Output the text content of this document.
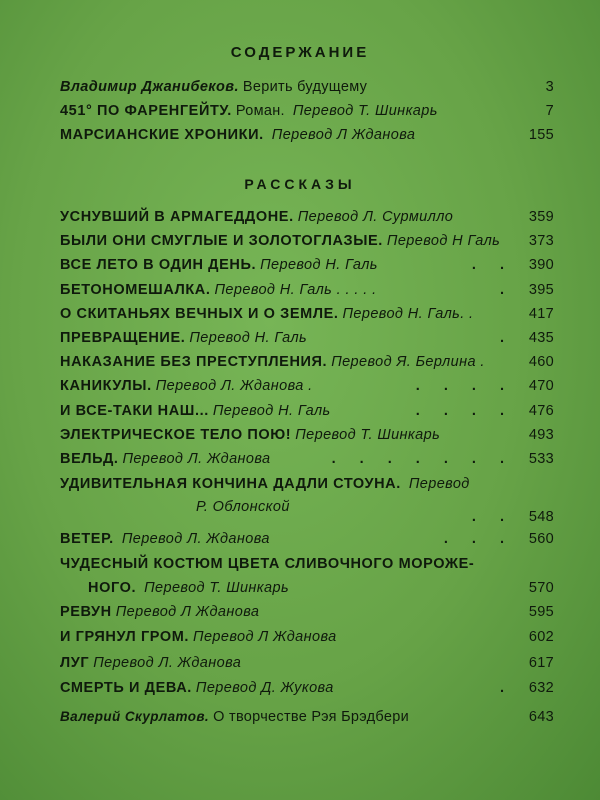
СОДЕРЖАНИЕ
Владимир Джанибеков. Верить будущему	3
451° ПО ФАРЕНГЕЙТУ. Роман. Перевод Т. Шинкарь	7
МАРСИАНСКИЕ ХРОНИКИ. Перевод Л Жданова	155
РАССКАЗЫ
УСНУВШИЙ В АРМАГЕДДОНЕ. Перевод Л. Сурмилло	359
БЫЛИ ОНИ СМУГЛЫЕ И ЗОЛОТОГЛАЗЫЕ. Перевод Н Галь 373
ВСЕ ЛЕТО В ОДИН ДЕНЬ. Перевод Н. Галь	. . 390
БЕТОНОМЕШАЛКА. Перевод Н. Галь . . . . .	. 395
О СКИТАНЬЯХ ВЕЧНЫХ И О ЗЕМЛЕ. Перевод Н. Галь. .	417
ПРЕВРАЩЕНИЕ. Перевод Н. Галь	. 435
НАКАЗАНИЕ БЕЗ ПРЕСТУПЛЕНИЯ. Перевод Я. Берлина .	460
КАНИКУЛЫ. Перевод Л. Жданова .	. . . . 470
И ВСЕ-ТАКИ НАШ... Перевод Н. Галь	. . . . 476
ЭЛЕКТРИЧЕСКОЕ ТЕЛО ПОЮ! Перевод Т. Шинкарь	493
ВЕЛЬД. Перевод Л. Жданова	. . . . . . . 533
УДИВИТЕЛЬНАЯ КОНЧИНА ДАДЛИ СТОУНА. Перевод
Р. Облонской
. . 548
ВЕТЕР. Перевод Л. Жданова	. . . 560
ЧУДЕСНЫЙ КОСТЮМ ЦВЕТА СЛИВОЧНОГО МОРОЖЕ-
НОГО. Перевод Т. Шинкарь	570
РЕВУН Перевод Л Жданова	595
И ГРЯНУЛ ГРОМ. Перевод Л Жданова	602
ЛУГ Перевод Л. Жданова	617
СМЕРТЬ И ДЕВА. Перевод Д. Жукова	. 632
Валерий Скурлатов. О творчестве Рэя Брэдбери	643
